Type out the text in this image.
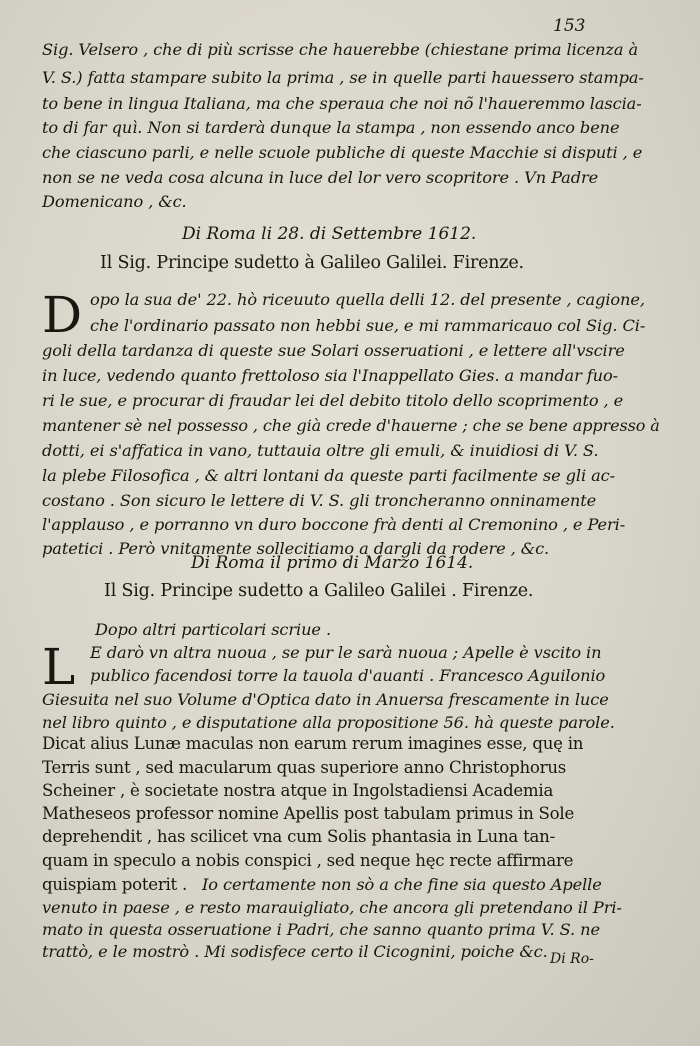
153
Sig. Velsero , che di più scrisse che hauerebbe (chiestane prima licenza à
V. S.) fatta stampare subito la prima , se in quelle parti hauessero stampa-
to bene in lingua Italiana, ma che speraua che noi nõ l'haueremmo lascia-
to di far quì. Non si tarderà dunque la stampa , non essendo anco bene
che ciascuno parli, e nelle scuole publiche di queste Macchie si disputi , e
non se ne veda cosa alcuna in luce del lor vero scopritore . Vn Padre
Domenicano , &c.
Di Roma li 28. di Settembre 1612.
Il Sig. Principe sudetto à Galileo Galilei. Firenze.
D opo la sua de' 22. hò riceuuto quella delli 12. del presente , cagione,
che l'ordinario passato non hebbi sue, e mi rammaricauo col Sig. Ci-
goli della tardanza di queste sue Solari osseruationi , e lettere all'vscire
in luce, vedendo quanto frettoloso sia l'Inappellato Gies. a mandar fuo-
ri le sue, e procurar di fraudar lei del debito titolo dello scoprimento , e
mantener sè nel possesso , che già crede d'hauerne ; che se bene appresso à
dotti, ei s'affatica in vano, tuttauia oltre gli emuli, & inuidiosi di V. S.
la plebe Filosofica , & altri lontani da queste parti facilmente se gli ac-
costano . Son sicuro le lettere di V. S. gli troncheranno onninamente
l'applauso , e porranno vn duro boccone frà denti al Cremonino , e Peri-
patetici . Però vnitamente sollecitiamo a dargli da rodere , &c.
Di Roma il primo di Marzo 1614.
Il Sig. Principe sudetto a Galileo Galilei . Firenze.
Dopo altri particolari scriue .
L E darò vn altra nuoua , se pur le sarà nuoua ; Apelle è vscito in
publico facendosi torre la tauola d'auanti . Francesco Aguilonio
Giesuita nel suo Volume d'Optica dato in Anuersa frescamente in luce
nel libro quinto , e disputatione alla propositione 56. hà queste parole.
Dicat alius Lunæ maculas non earum rerum imagines esse, quę in
Terris sunt , sed macularum quas superiore anno Christophorus
Scheiner , è societate nostra atque in Ingolstadiensi Academia
Matheseos professor nomine Apellis post tabulam primus in Sole
deprehendit , has scilicet vna cum Solis phantasia in Luna tan-
quam in speculo a nobis conspici , sed neque hęc recte affirmare
quispiam poterit . Io certamente non sò a che fine sia questo Apelle
venuto in paese , e resto marauigliato, che ancora gli pretendano il Pri-
mato in questa osseruatione i Padri, che sanno quanto prima V. S. ne
trattò, e le mostrò . Mi sodisfece certo il Cicognini, poiche &c. Di Ro-
